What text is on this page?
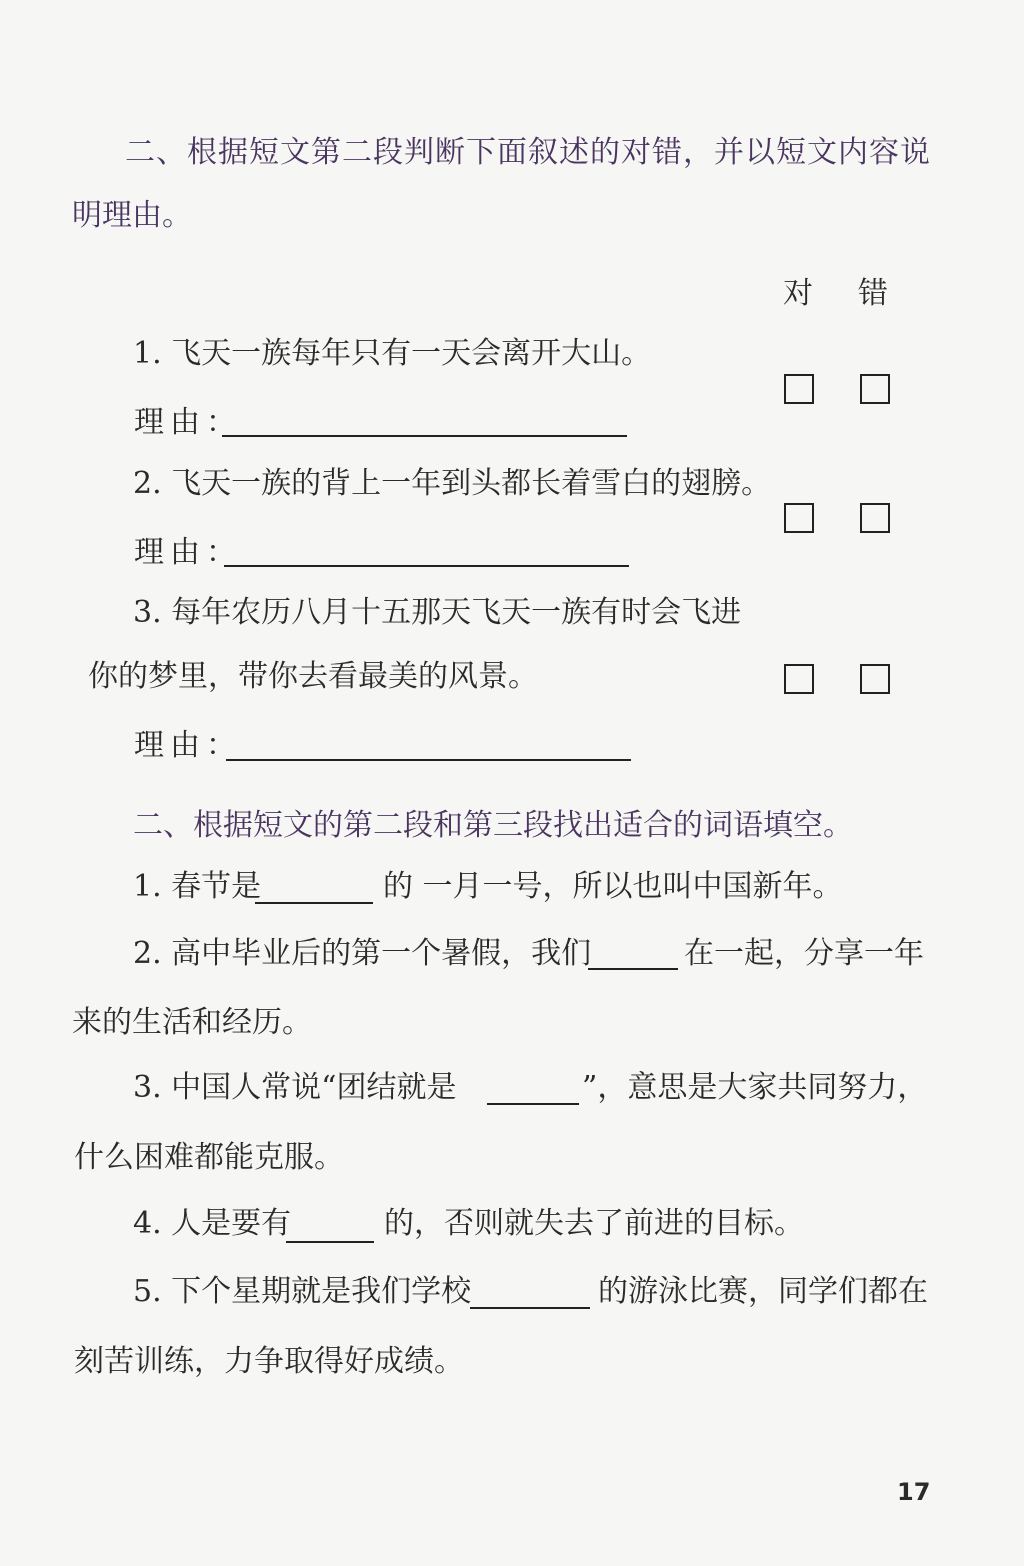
二、根据短文第二段判断下面叙述的对错，并以短文内容说
明理由。
对 错
1. 飞天一族每年只有一天会离开大山。
理由：
2. 飞天一族的背上一年到头都长着雪白的翅膀。
理由：
3. 每年农历八月十五那天飞天一族有时会飞进
你的梦里，带你去看最美的风景。
理由：
二、根据短文的第二段和第三段找出适合的词语填空。
1. 春节是	的 一月一号，所以也叫中国新年。
2. 高中毕业后的第一个暑假，我们	在一起，分享一年
来的生活和经历。
3. 中国人常说“团结就是	”，意思是大家共同努力，
什么困难都能克服。
4. 人是要有	的，否则就失去了前进的目标。
5. 下个星期就是我们学校	的游泳比赛，同学们都在
刻苦训练，力争取得好成绩。
17
